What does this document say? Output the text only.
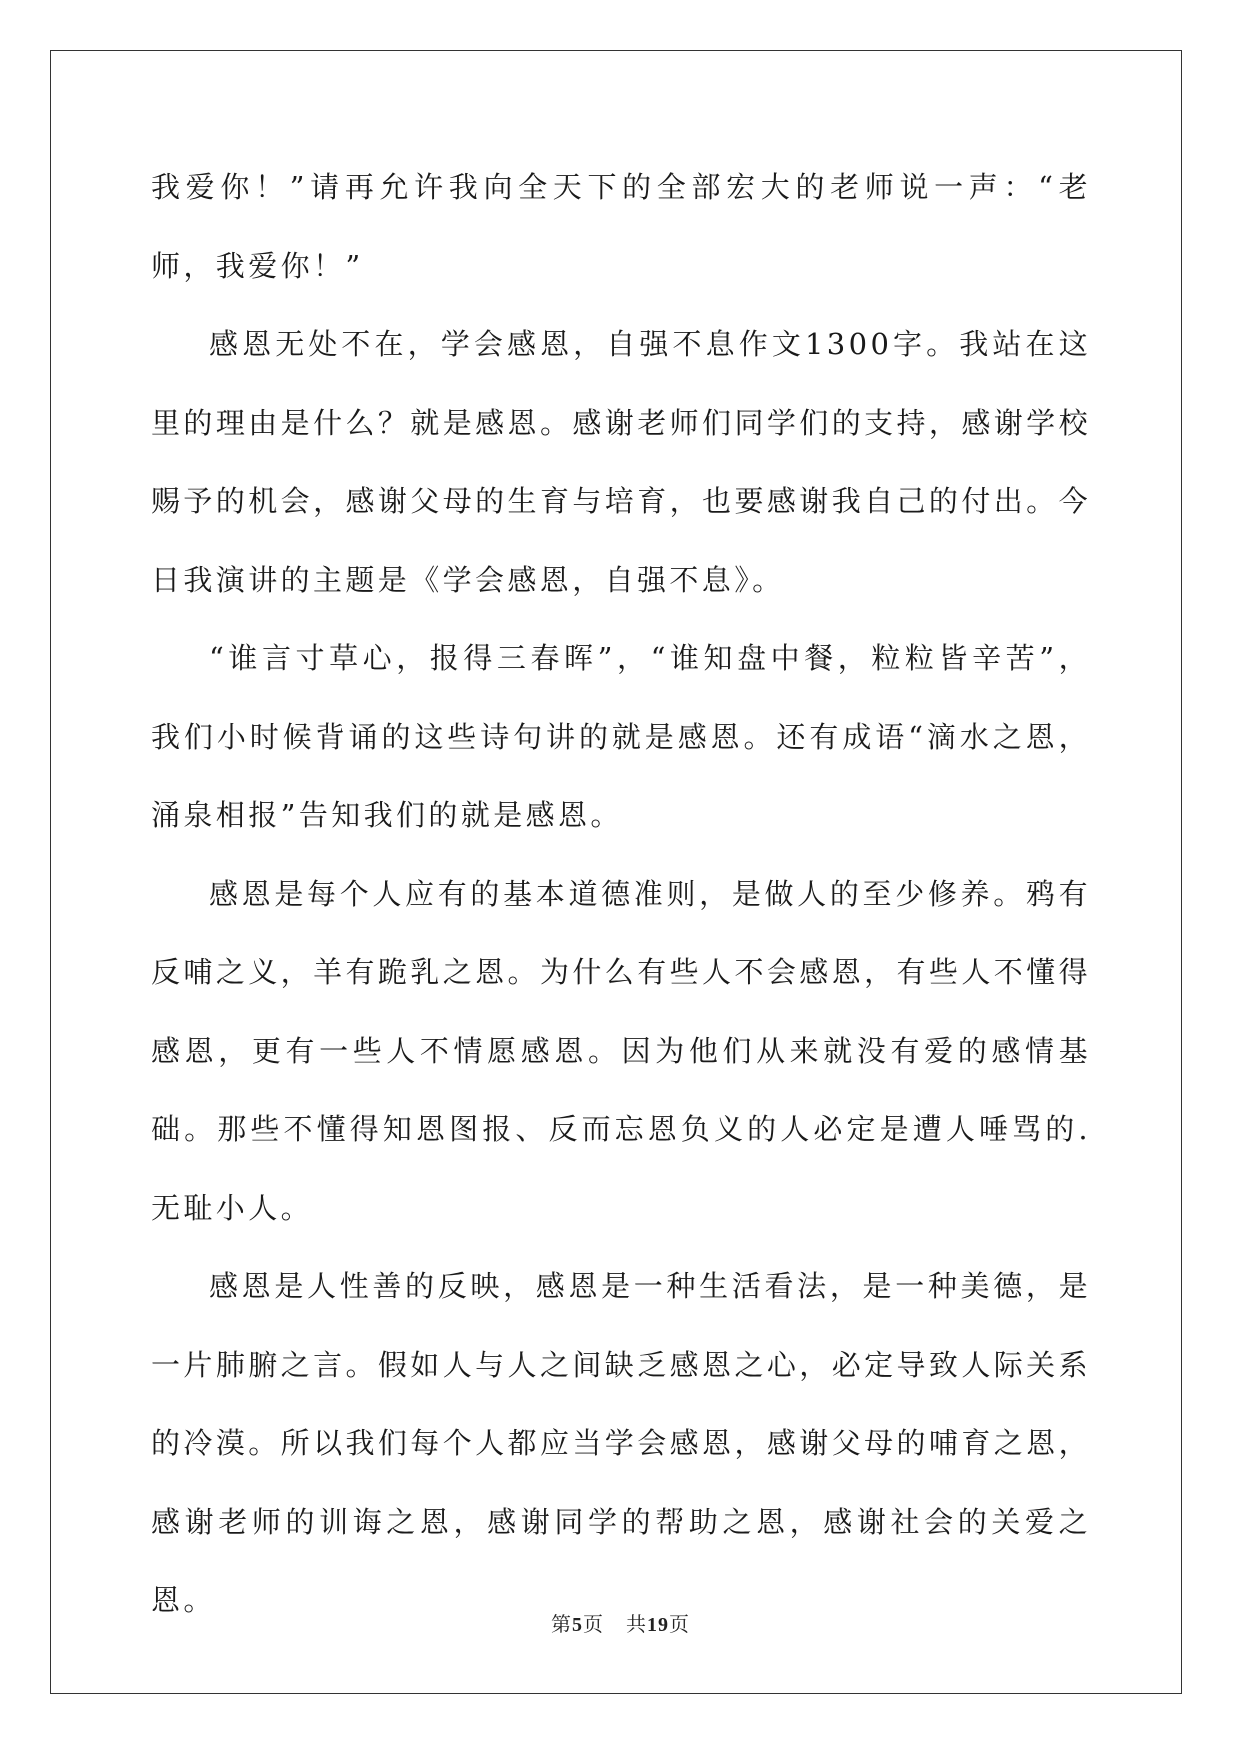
我爱你！”请再允许我向全天下的全部宏大的老师说一声：“老师，我爱你！”

感恩无处不在，学会感恩，自强不息作文1300字。我站在这里的理由是什么？就是感恩。感谢老师们同学们的支持，感谢学校赐予的机会，感谢父母的生育与培育，也要感谢我自己的付出。今日我演讲的主题是《学会感恩，自强不息》。

“谁言寸草心，报得三春晖”，“谁知盘中餐，粒粒皆辛苦”，我们小时候背诵的这些诗句讲的就是感恩。还有成语“滴水之恩，涌泉相报”告知我们的就是感恩。

感恩是每个人应有的基本道德准则，是做人的至少修养。鸦有反哺之义，羊有跪乳之恩。为什么有些人不会感恩，有些人不懂得感恩，更有一些人不情愿感恩。因为他们从来就没有爱的感情基础。那些不懂得知恩图报、反而忘恩负义的人必定是遭人唾骂的.无耻小人。

感恩是人性善的反映，感恩是一种生活看法，是一种美德，是一片肺腑之言。假如人与人之间缺乏感恩之心，必定导致人际关系的冷漠。所以我们每个人都应当学会感恩，感谢父母的哺育之恩，感谢老师的训诲之恩，感谢同学的帮助之恩，感谢社会的关爱之恩。

第5页 共19页
